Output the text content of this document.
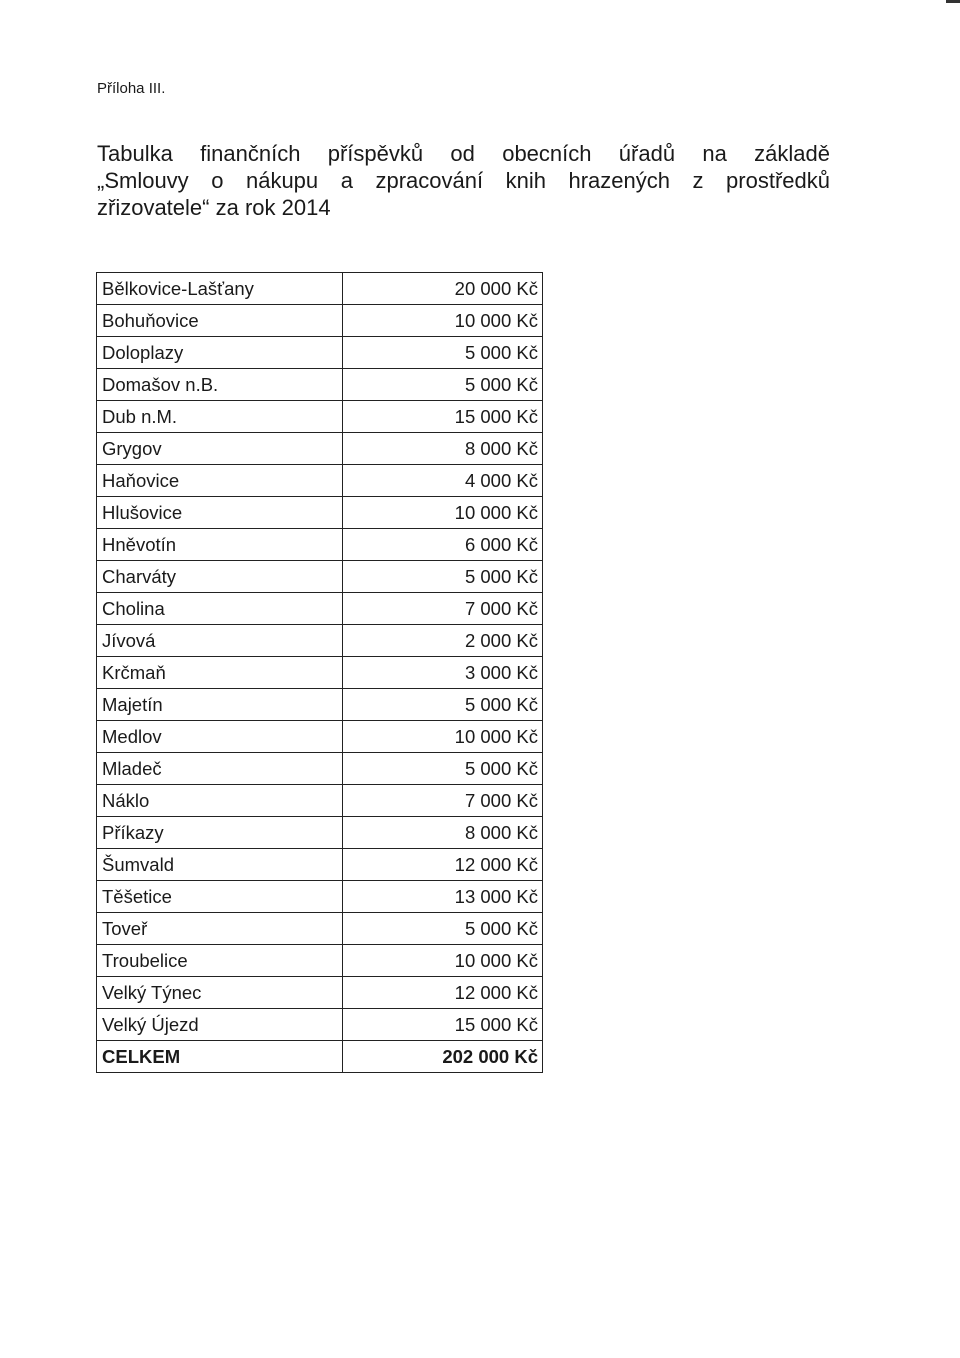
Příloha III.
Tabulka finančních příspěvků od obecních úřadů na základě
„Smlouvy o nákupu a zpracování knih hrazených z prostředků
zřizovatele“ za rok 2014
Bělkovice-Lašťany	20 000 Kč
Bohuňovice	10 000 Kč
Doloplazy	5 000 Kč
Domašov n.B.	5 000 Kč
Dub n.M.	15 000 Kč
Grygov	8 000 Kč
Haňovice	4 000 Kč
Hlušovice	10 000 Kč
Hněvotín	6 000 Kč
Charváty	5 000 Kč
Cholina	7 000 Kč
Jívová	2 000 Kč
Krčmaň	3 000 Kč
Majetín	5 000 Kč
Medlov	10 000 Kč
Mladeč	5 000 Kč
Náklo	7 000 Kč
Příkazy	8 000 Kč
Šumvald	12 000 Kč
Těšetice	13 000 Kč
Toveř	5 000 Kč
Troubelice	10 000 Kč
Velký Týnec	12 000 Kč
Velký Újezd	15 000 Kč
CELKEM	202 000 Kč
